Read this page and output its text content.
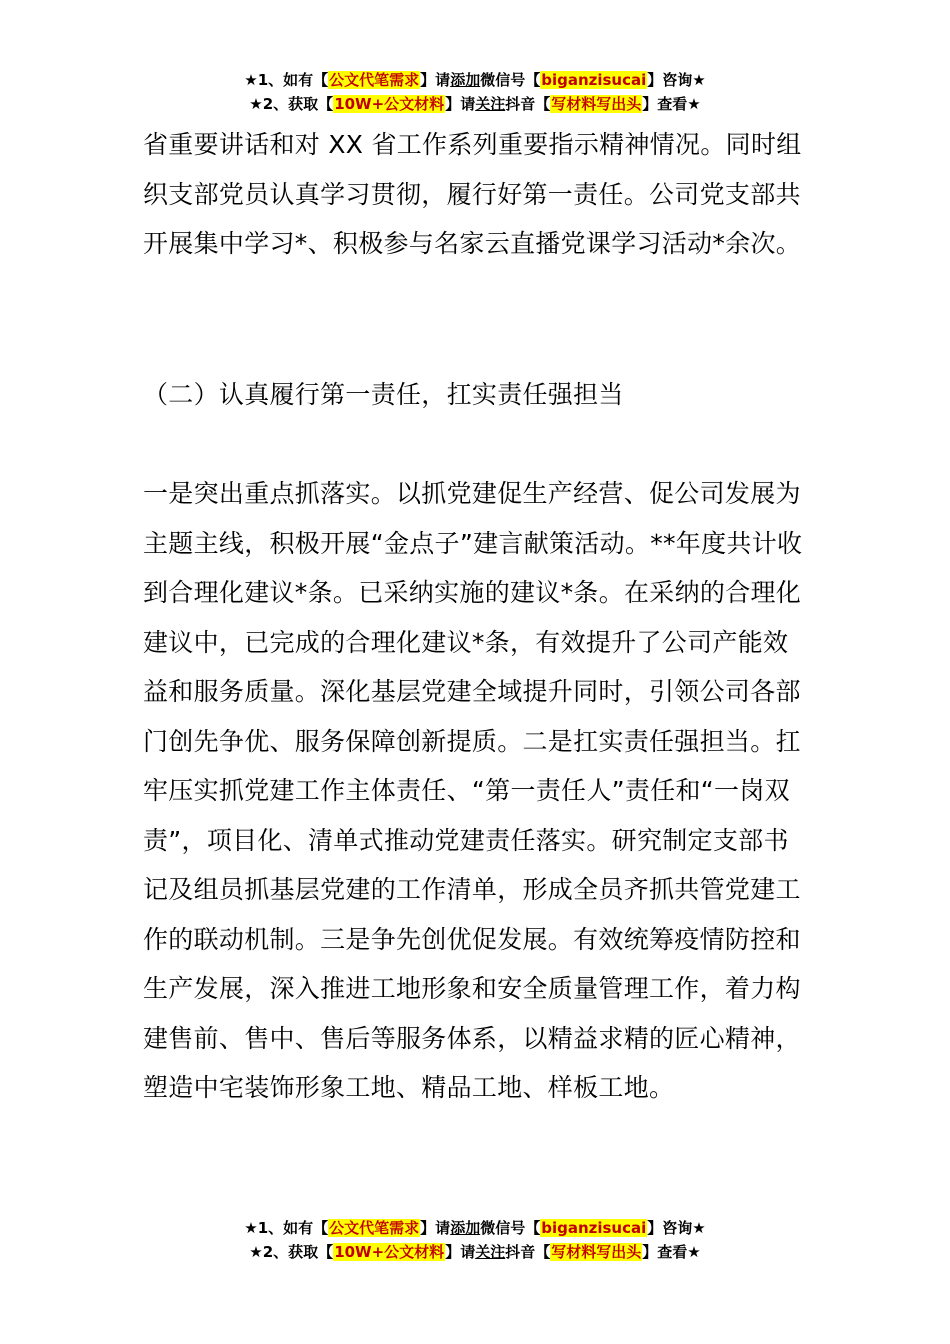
★1、如有【公文代笔需求】请添加微信号【biganzisucai】咨询★
★2、获取【10W+公文材料】请关注抖音【写材料写出头】查看★

省重要讲话和对 XX 省工作系列重要指示精神情况。同时组织支部党员认真学习贯彻，履行好第一责任。公司党支部共开展集中学习*、积极参与名家云直播党课学习活动*余次。

（二）认真履行第一责任，扛实责任强担当

一是突出重点抓落实。以抓党建促生产经营、促公司发展为主题主线，积极开展“金点子”建言献策活动。**年度共计收到合理化建议*条。已采纳实施的建议*条。在采纳的合理化建议中，已完成的合理化建议*条，有效提升了公司产能效益和服务质量。深化基层党建全域提升同时，引领公司各部门创先争优、服务保障创新提质。二是扛实责任强担当。扛牢压实抓党建工作主体责任、“第一责任人”责任和“一岗双责”，项目化、清单式推动党建责任落实。研究制定支部书记及组员抓基层党建的工作清单，形成全员齐抓共管党建工作的联动机制。三是争先创优促发展。有效统筹疫情防控和生产发展，深入推进工地形象和安全质量管理工作，着力构建售前、售中、售后等服务体系，以精益求精的匠心精神，塑造中宅装饰形象工地、精品工地、样板工地。

★1、如有【公文代笔需求】请添加微信号【biganzisucai】咨询★
★2、获取【10W+公文材料】请关注抖音【写材料写出头】查看★
